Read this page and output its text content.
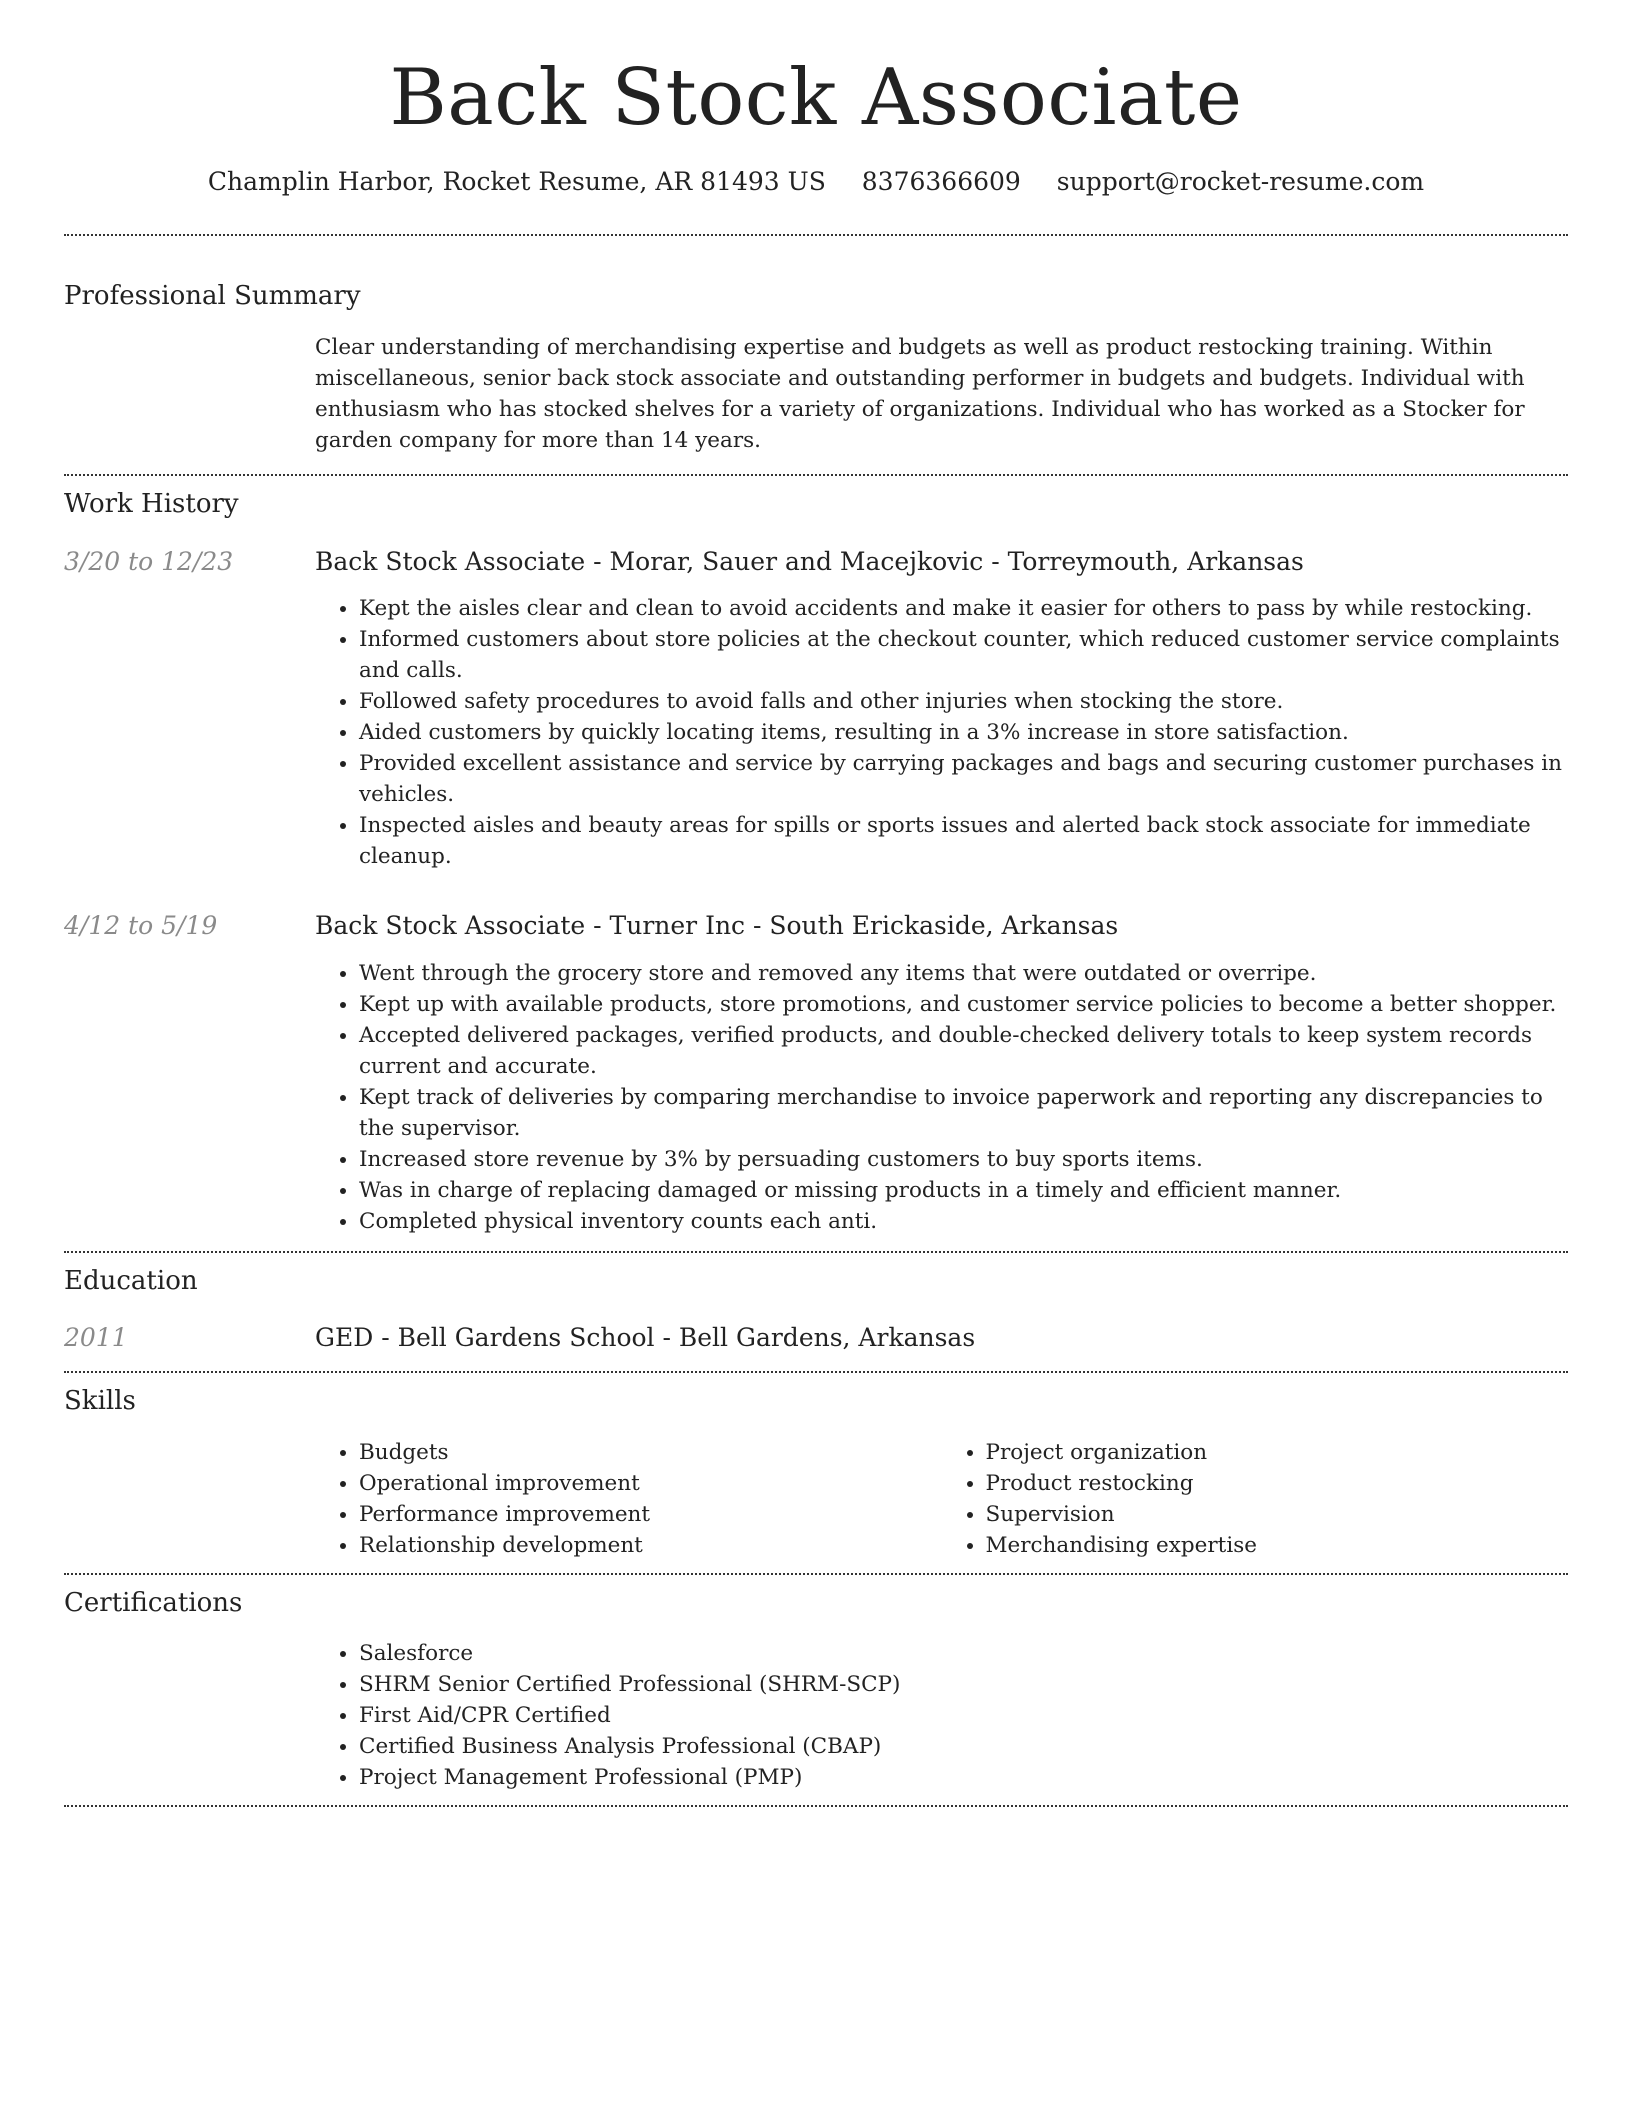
Back Stock Associate
Champlin Harbor, Rocket Resume, AR 81493 US 8376366609 support@rocket-resume.com
Professional Summary

Clear understanding of merchandising expertise and budgets as well as product restocking training. Within miscellaneous, senior back stock associate and outstanding performer in budgets and budgets. Individual with enthusiasm who has stocked shelves for a variety of organizations. Individual who has worked as a Stocker for garden company for more than 14 years.

Work History
3/20 to 12/23	Back Stock Associate - Morar, Sauer and Macejkovic - Torreymouth, Arkansas
• Kept the aisles clear and clean to avoid accidents and make it easier for others to pass by while restocking.
• Informed customers about store policies at the checkout counter, which reduced customer service complaints and calls.
• Followed safety procedures to avoid falls and other injuries when stocking the store.
• Aided customers by quickly locating items, resulting in a 3% increase in store satisfaction.
• Provided excellent assistance and service by carrying packages and bags and securing customer purchases in vehicles.
• Inspected aisles and beauty areas for spills or sports issues and alerted back stock associate for immediate cleanup.
4/12 to 5/19	Back Stock Associate - Turner Inc - South Erickaside, Arkansas
• Went through the grocery store and removed any items that were outdated or overripe.
• Kept up with available products, store promotions, and customer service policies to become a better shopper.
• Accepted delivered packages, verified products, and double-checked delivery totals to keep system records current and accurate.
• Kept track of deliveries by comparing merchandise to invoice paperwork and reporting any discrepancies to the supervisor.
• Increased store revenue by 3% by persuading customers to buy sports items.
• Was in charge of replacing damaged or missing products in a timely and efficient manner.
• Completed physical inventory counts each anti.
Education
2011	GED - Bell Gardens School - Bell Gardens, Arkansas
Skills
• Budgets
• Operational improvement
• Performance improvement
• Relationship development
• Project organization
• Product restocking
• Supervision
• Merchandising expertise
Certifications
• Salesforce
• SHRM Senior Certified Professional (SHRM-SCP)
• First Aid/CPR Certified
• Certified Business Analysis Professional (CBAP)
• Project Management Professional (PMP)
